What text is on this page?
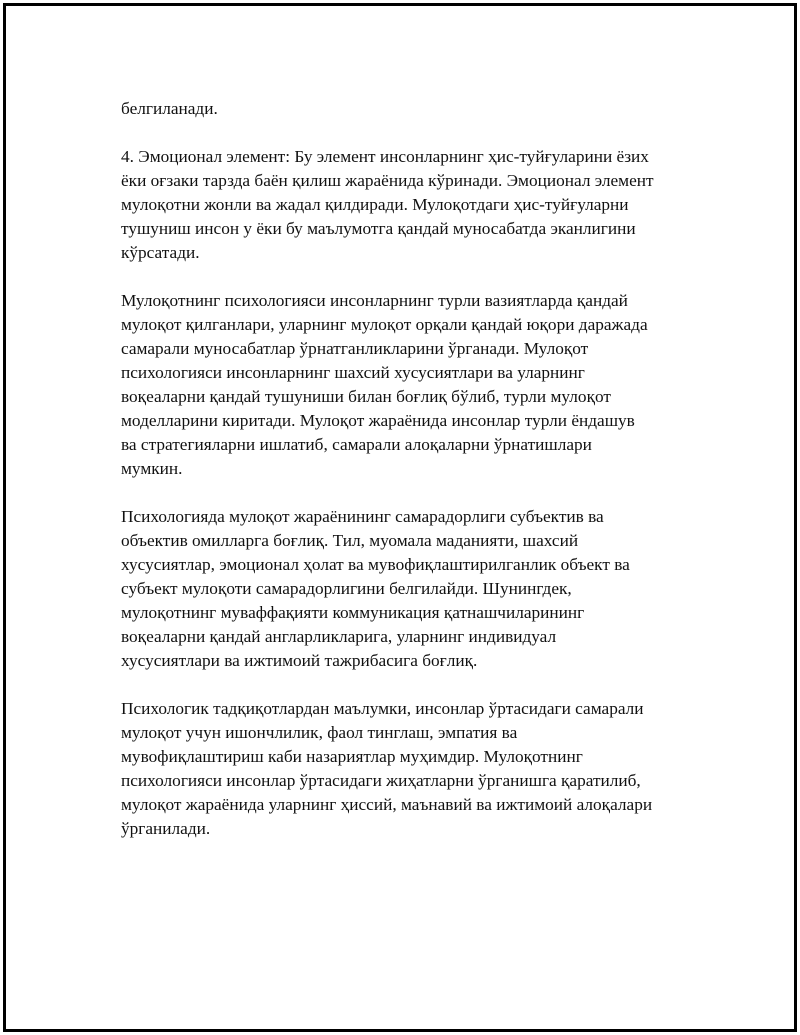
белгиланади.

4. Эмоционал элемент: Бу элемент инсонларнинг ҳис-туйғуларини ёзих
ёки оғзаки тарзда баён қилиш жараёнида кўринади. Эмоционал элемент
мулоқотни жонли ва жадал қилдиради. Мулоқотдаги ҳис-туйғуларни
тушуниш инсон у ёки бу маълумотга қандай муносабатда эканлигини
кўрсатади.

Мулоқотнинг психологияси инсонларнинг турли вазиятларда қандай
мулоқот қилганлари, уларнинг мулоқот орқали қандай юқори даражада
самарали муносабатлар ўрнатганликларини ўрганади. Мулоқот
психологияси инсонларнинг шахсий хусусиятлари ва уларнинг
воқеаларни қандай тушуниши билан боғлиқ бўлиб, турли мулоқот
моделларини киритади. Мулоқот жараёнида инсонлар турли ёндашув
ва стратегияларни ишлатиб, самарали алоқаларни ўрнатишлари
мумкин.

Психологияда мулоқот жараёнининг самарадорлиги субъектив ва
объектив омилларга боғлиқ. Тил, муомала маданияти, шахсий
хусусиятлар, эмоционал ҳолат ва мувофиқлаштирилганлик объект ва
субъект мулоқоти самарадорлигини белгилайди. Шунингдек,
мулоқотнинг муваффақияти коммуникация қатнашчиларининг
воқеаларни қандай англарликларига, уларнинг индивидуал
хусусиятлари ва ижтимоий тажрибасига боғлиқ.

Психологик тадқиқотлардан маълумки, инсонлар ўртасидаги самарали
мулоқот учун ишончлилик, фаол тинглаш, эмпатия ва
мувофиқлаштириш каби назариятлар муҳимдир. Мулоқотнинг
психологияси инсонлар ўртасидаги жиҳатларни ўрганишга қаратилиб,
мулоқот жараёнида уларнинг ҳиссий, маънавий ва ижтимоий алоқалари
ўрганилади.
